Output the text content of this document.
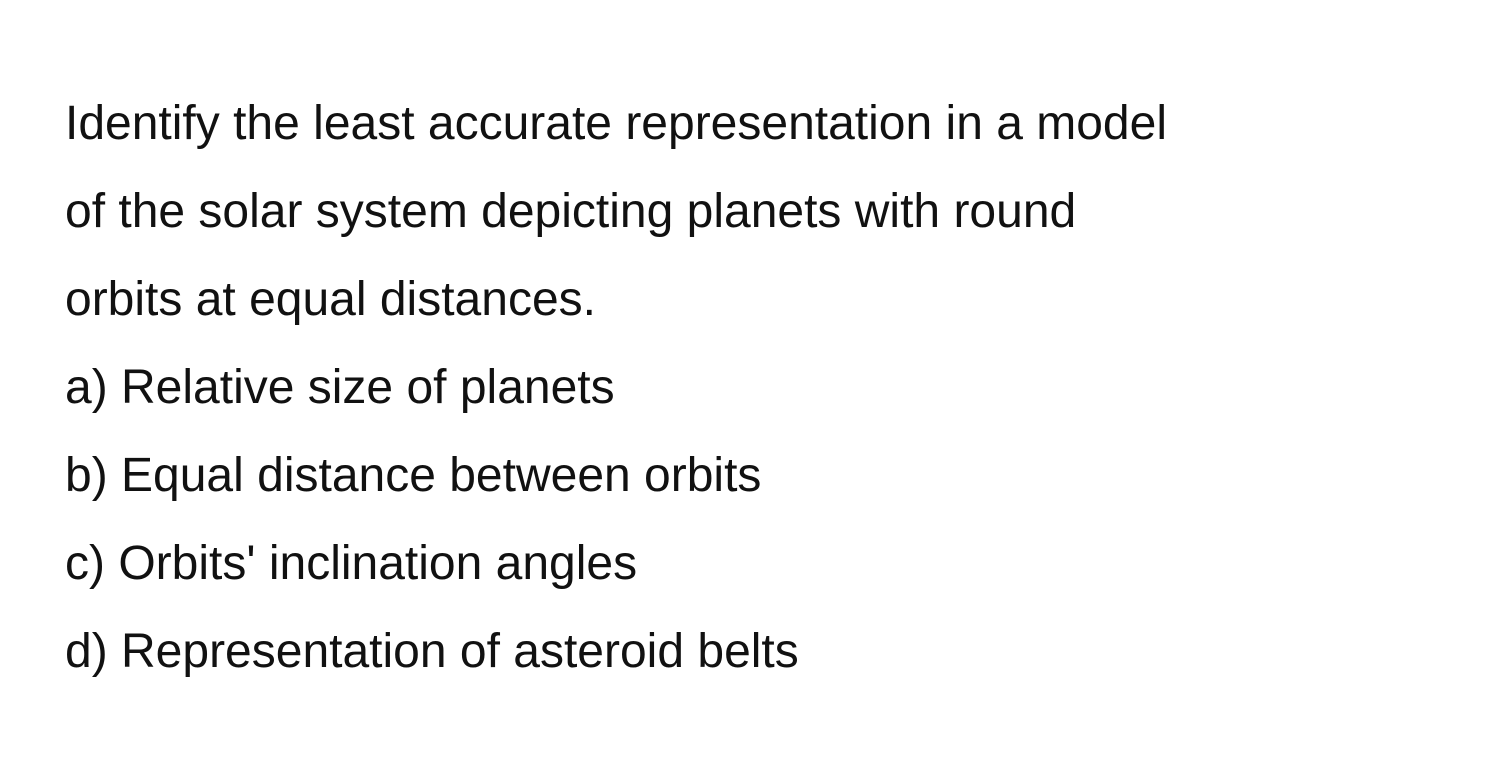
Identify the least accurate representation in a model
of the solar system depicting planets with round
orbits at equal distances.
a) Relative size of planets
b) Equal distance between orbits
c) Orbits' inclination angles
d) Representation of asteroid belts
